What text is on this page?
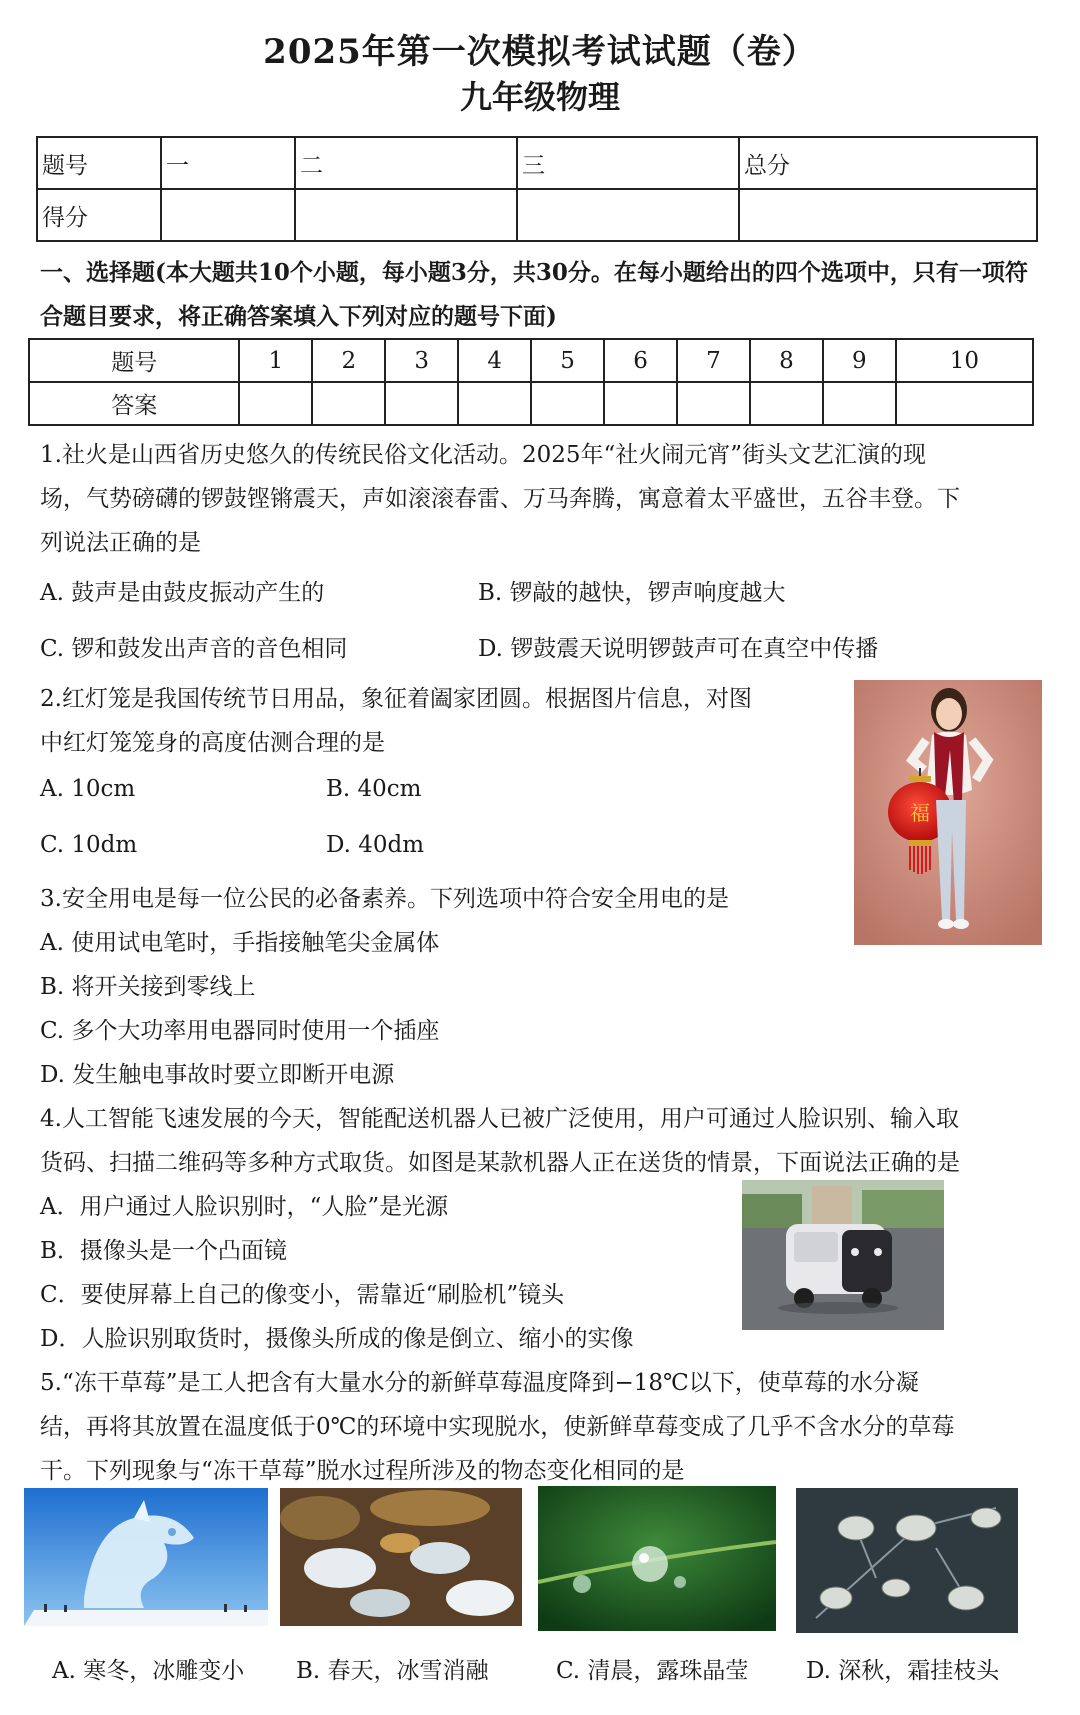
2025年第一次模拟考试试题（卷）
九年级物理
题号	一	二	三	总分
得分				
一、选择题(本大题共10个小题，每小题3分，共30分。在每小题给出的四个选项中，只有一项符合题目要求，将正确答案填入下列对应的题号下面)
题号	1	2	3	4	5	6	7	8	9	10
答案										
1.社火是山西省历史悠久的传统民俗文化活动。2025年“社火闹元宵”街头文艺汇演的现
场，气势磅礴的锣鼓铿锵震天，声如滚滚春雷、万马奔腾，寓意着太平盛世，五谷丰登。下
列说法正确的是
A. 鼓声是由鼓皮振动产生的	B. 锣敲的越快，锣声响度越大
C. 锣和鼓发出声音的音色相同	D. 锣鼓震天说明锣鼓声可在真空中传播
2.红灯笼是我国传统节日用品，象征着阖家团圆。根据图片信息，对图
中红灯笼笼身的高度估测合理的是
A. 10cm	B. 40cm
C. 10dm	D. 40dm
福
3.安全用电是每一位公民的必备素养。下列选项中符合安全用电的是
A. 使用试电笔时，手指接触笔尖金属体
B. 将开关接到零线上
C. 多个大功率用电器同时使用一个插座
D. 发生触电事故时要立即断开电源
4.人工智能飞速发展的今天，智能配送机器人已被广泛使用，用户可通过人脸识别、输入取
货码、扫描二维码等多种方式取货。如图是某款机器人正在送货的情景，下面说法正确的是
A．用户通过人脸识别时，“人脸”是光源
B．摄像头是一个凸面镜
C．要使屏幕上自己的像变小，需靠近“刷脸机”镜头
D．人脸识别取货时，摄像头所成的像是倒立、缩小的实像
5.“冻干草莓”是工人把含有大量水分的新鲜草莓温度降到−18℃以下，使草莓的水分凝
结，再将其放置在温度低于0℃的环境中实现脱水，使新鲜草莓变成了几乎不含水分的草莓
干。下列现象与“冻干草莓”脱水过程所涉及的物态变化相同的是
A. 寒冬，冰雕变小 B. 春天，冰雪消融	C. 清晨，露珠晶莹	D. 深秋，霜挂枝头
